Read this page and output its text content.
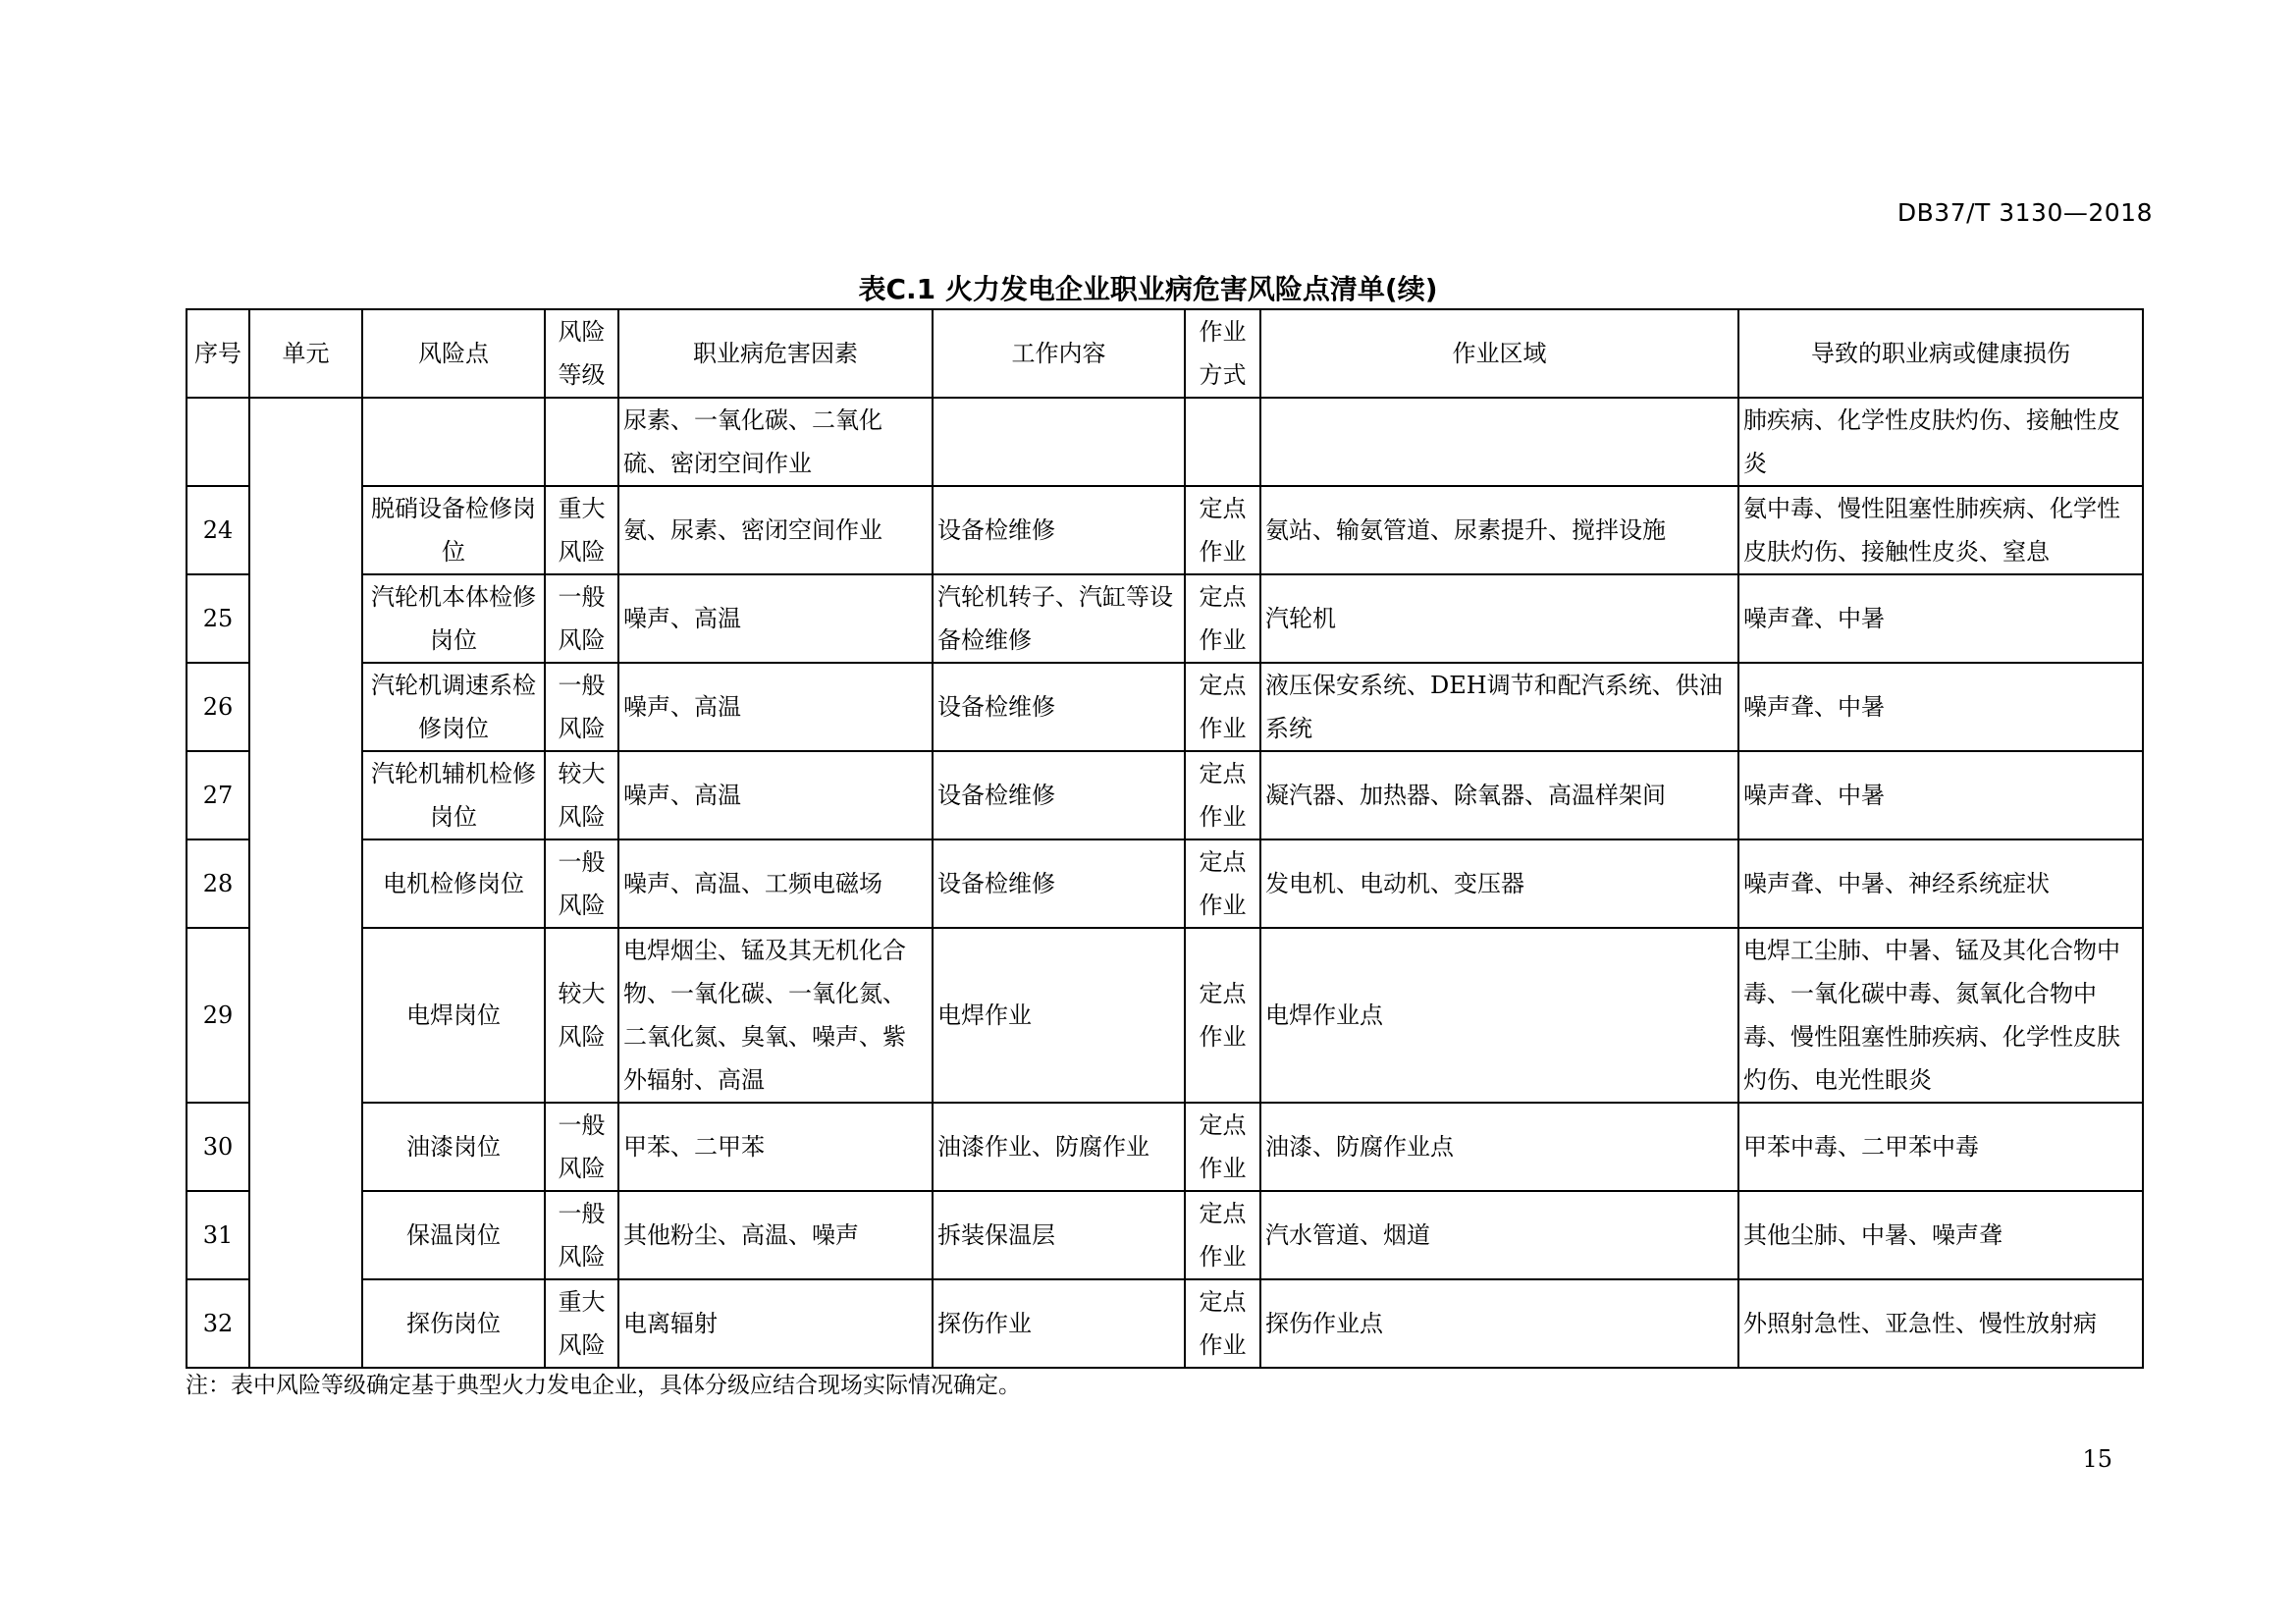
DB37/T 3130—2018
表C.1 火力发电企业职业病危害风险点清单(续)
序号	单元	风险点	风险等级	职业病危害因素	工作内容	作业方式	作业区域	导致的职业病或健康损伤
				尿素、一氧化碳、二氧化硫、密闭空间作业				肺疾病、化学性皮肤灼伤、接触性皮炎
24		脱硝设备检修岗位	重大风险	氨、尿素、密闭空间作业	设备检维修	定点作业	氨站、输氨管道、尿素提升、搅拌设施	氨中毒、慢性阻塞性肺疾病、化学性皮肤灼伤、接触性皮炎、窒息
25		汽轮机本体检修岗位	一般风险	噪声、高温	汽轮机转子、汽缸等设备检维修	定点作业	汽轮机	噪声聋、中暑
26		汽轮机调速系检修岗位	一般风险	噪声、高温	设备检维修	定点作业	液压保安系统、DEH调节和配汽系统、供油系统	噪声聋、中暑
27		汽轮机辅机检修岗位	较大风险	噪声、高温	设备检维修	定点作业	凝汽器、加热器、除氧器、高温样架间	噪声聋、中暑
28		电机检修岗位	一般风险	噪声、高温、工频电磁场	设备检维修	定点作业	发电机、电动机、变压器	噪声聋、中暑、神经系统症状
29		电焊岗位	较大风险	电焊烟尘、锰及其无机化合物、一氧化碳、一氧化氮、二氧化氮、臭氧、噪声、紫外辐射、高温	电焊作业	定点作业	电焊作业点	电焊工尘肺、中暑、锰及其化合物中毒、一氧化碳中毒、氮氧化合物中毒、慢性阻塞性肺疾病、化学性皮肤灼伤、电光性眼炎
30		油漆岗位	一般风险	甲苯、二甲苯	油漆作业、防腐作业	定点作业	油漆、防腐作业点	甲苯中毒、二甲苯中毒
31		保温岗位	一般风险	其他粉尘、高温、噪声	拆装保温层	定点作业	汽水管道、烟道	其他尘肺、中暑、噪声聋
32		探伤岗位	重大风险	电离辐射	探伤作业	定点作业	探伤作业点	外照射急性、亚急性、慢性放射病
注：表中风险等级确定基于典型火力发电企业，具体分级应结合现场实际情况确定。
15
